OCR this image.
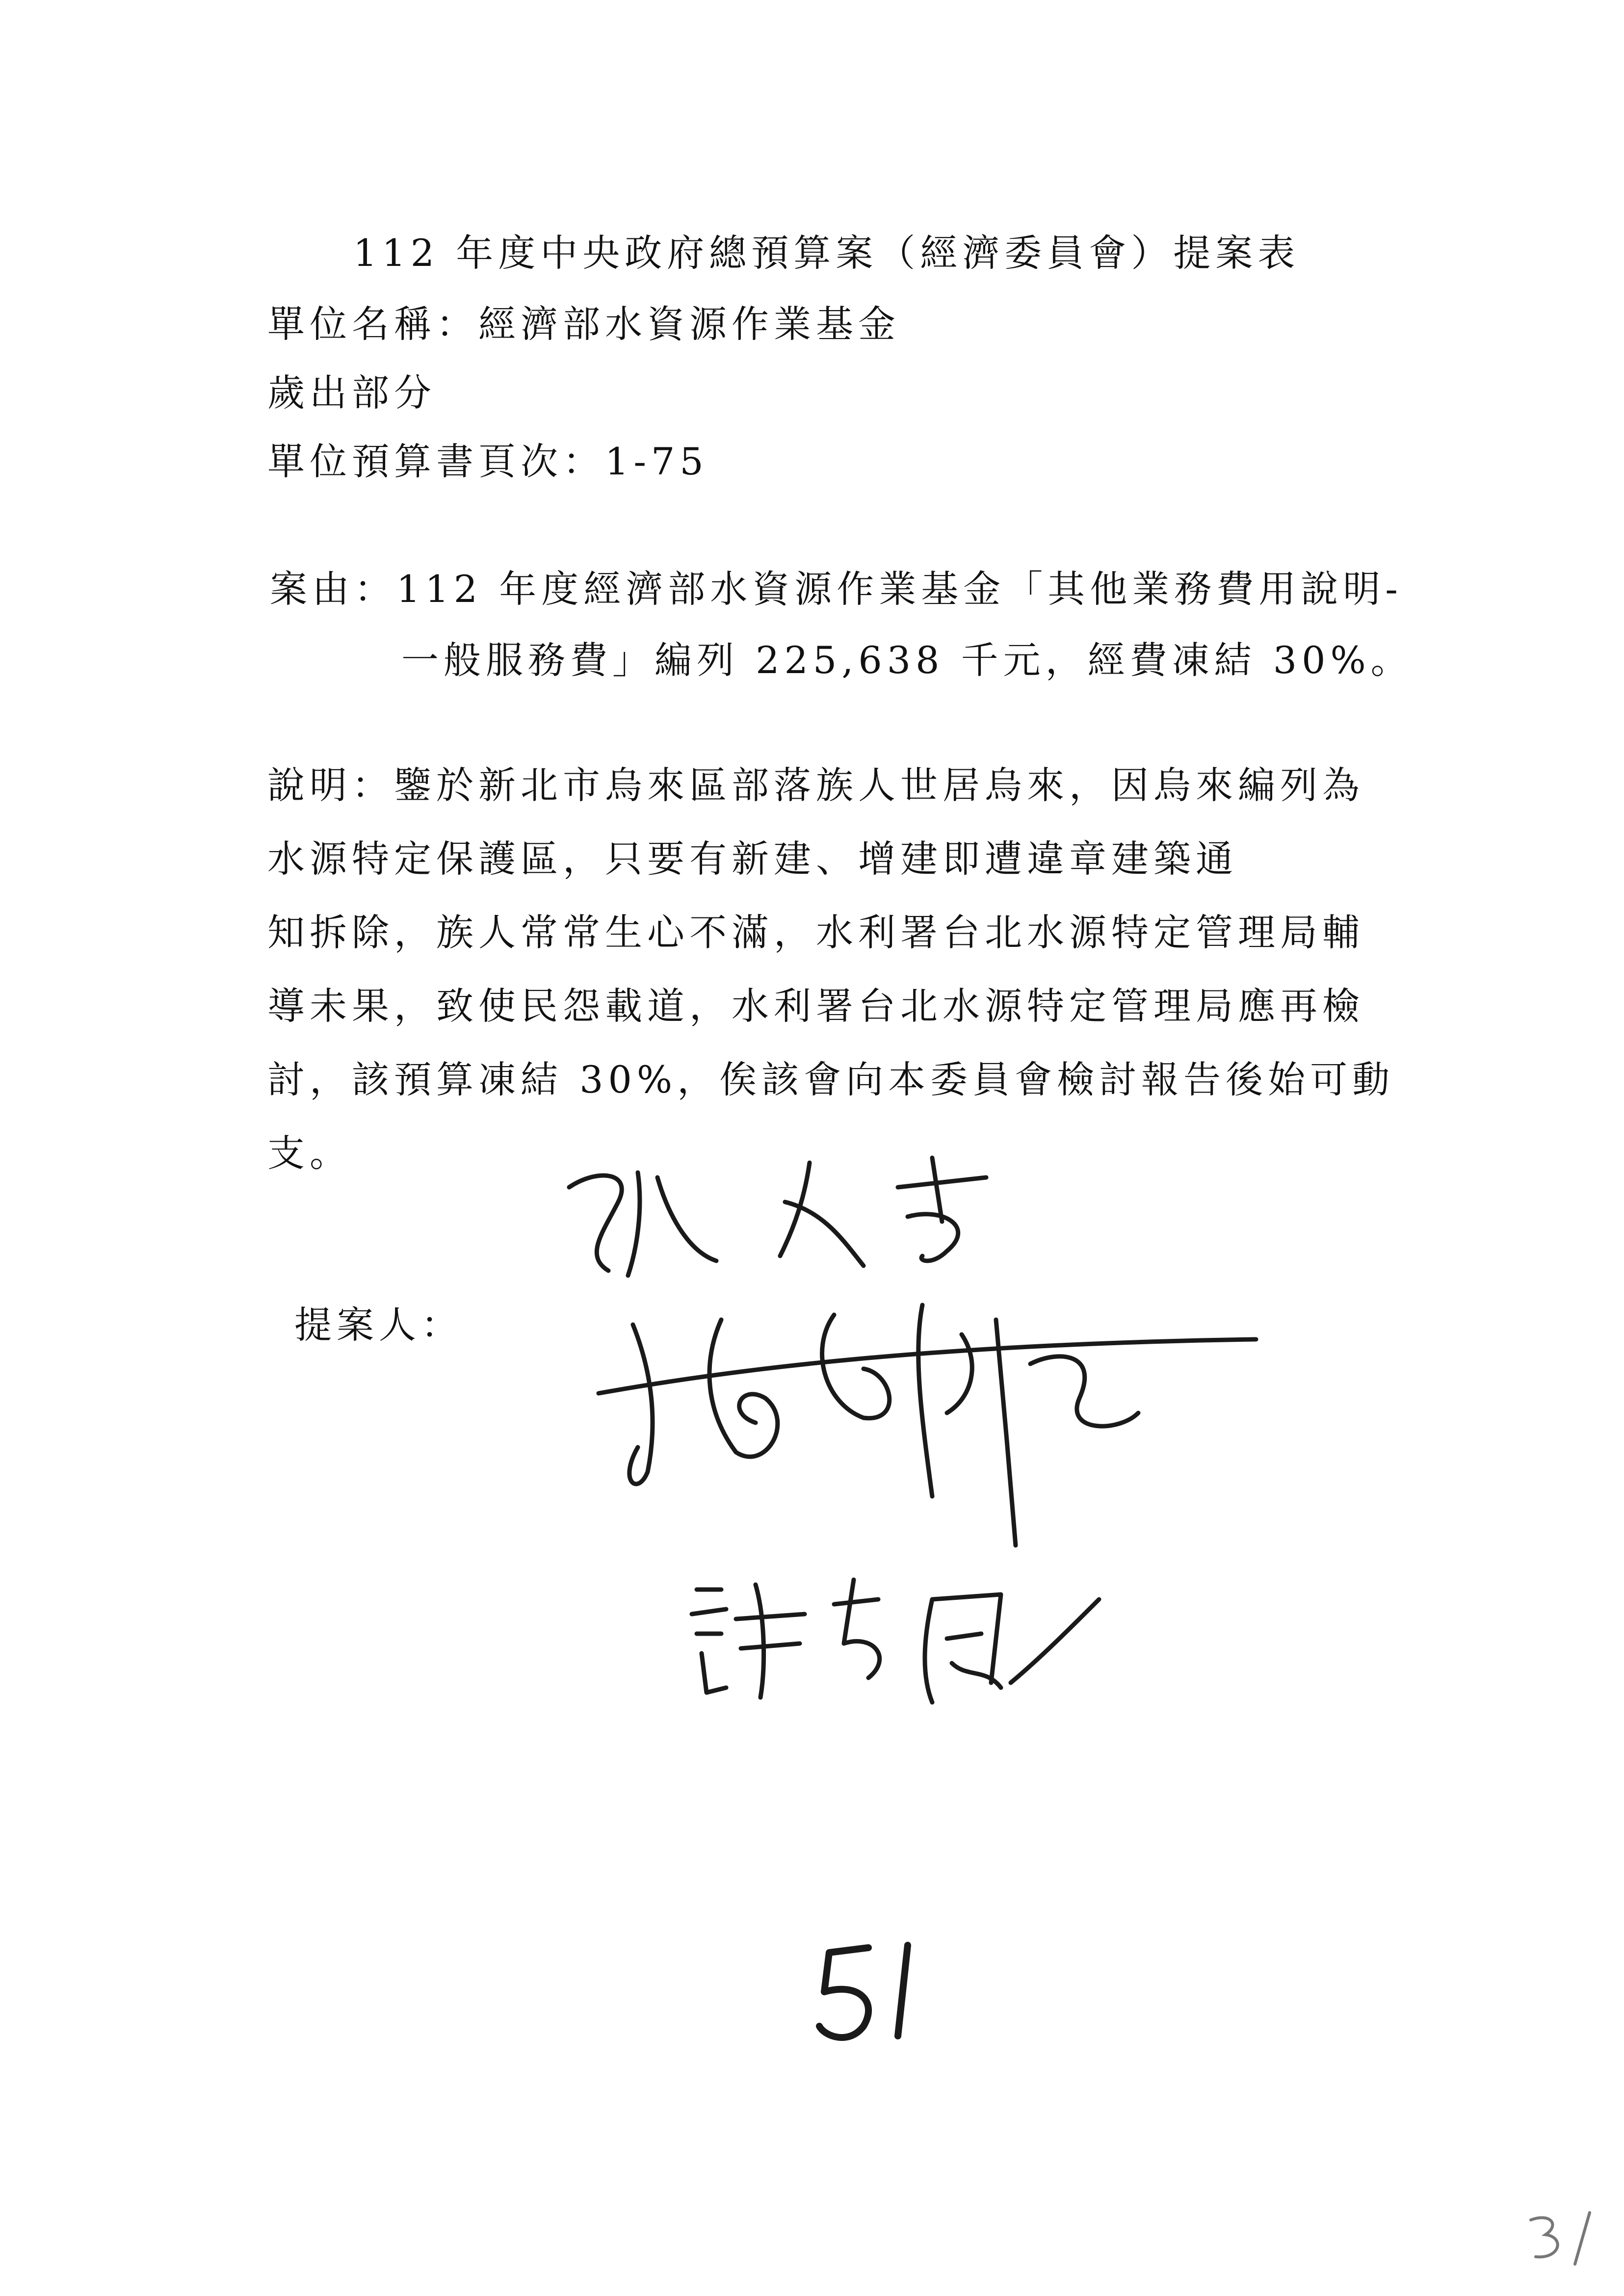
112 年度中央政府總預算案（經濟委員會）提案表
單位名稱：經濟部水資源作業基金
歲出部分
單位預算書頁次：1-75
案由：112 年度經濟部水資源作業基金「其他業務費用說明-
一般服務費」編列 225,638 千元，經費凍結 30%。
說明：鑒於新北市烏來區部落族人世居烏來，因烏來編列為
水源特定保護區，只要有新建、增建即遭違章建築通
知拆除，族人常常生心不滿，水利署台北水源特定管理局輔
導未果，致使民怨載道，水利署台北水源特定管理局應再檢
討，該預算凍結 30%，俟該會向本委員會檢討報告後始可動
支。
提案人：
